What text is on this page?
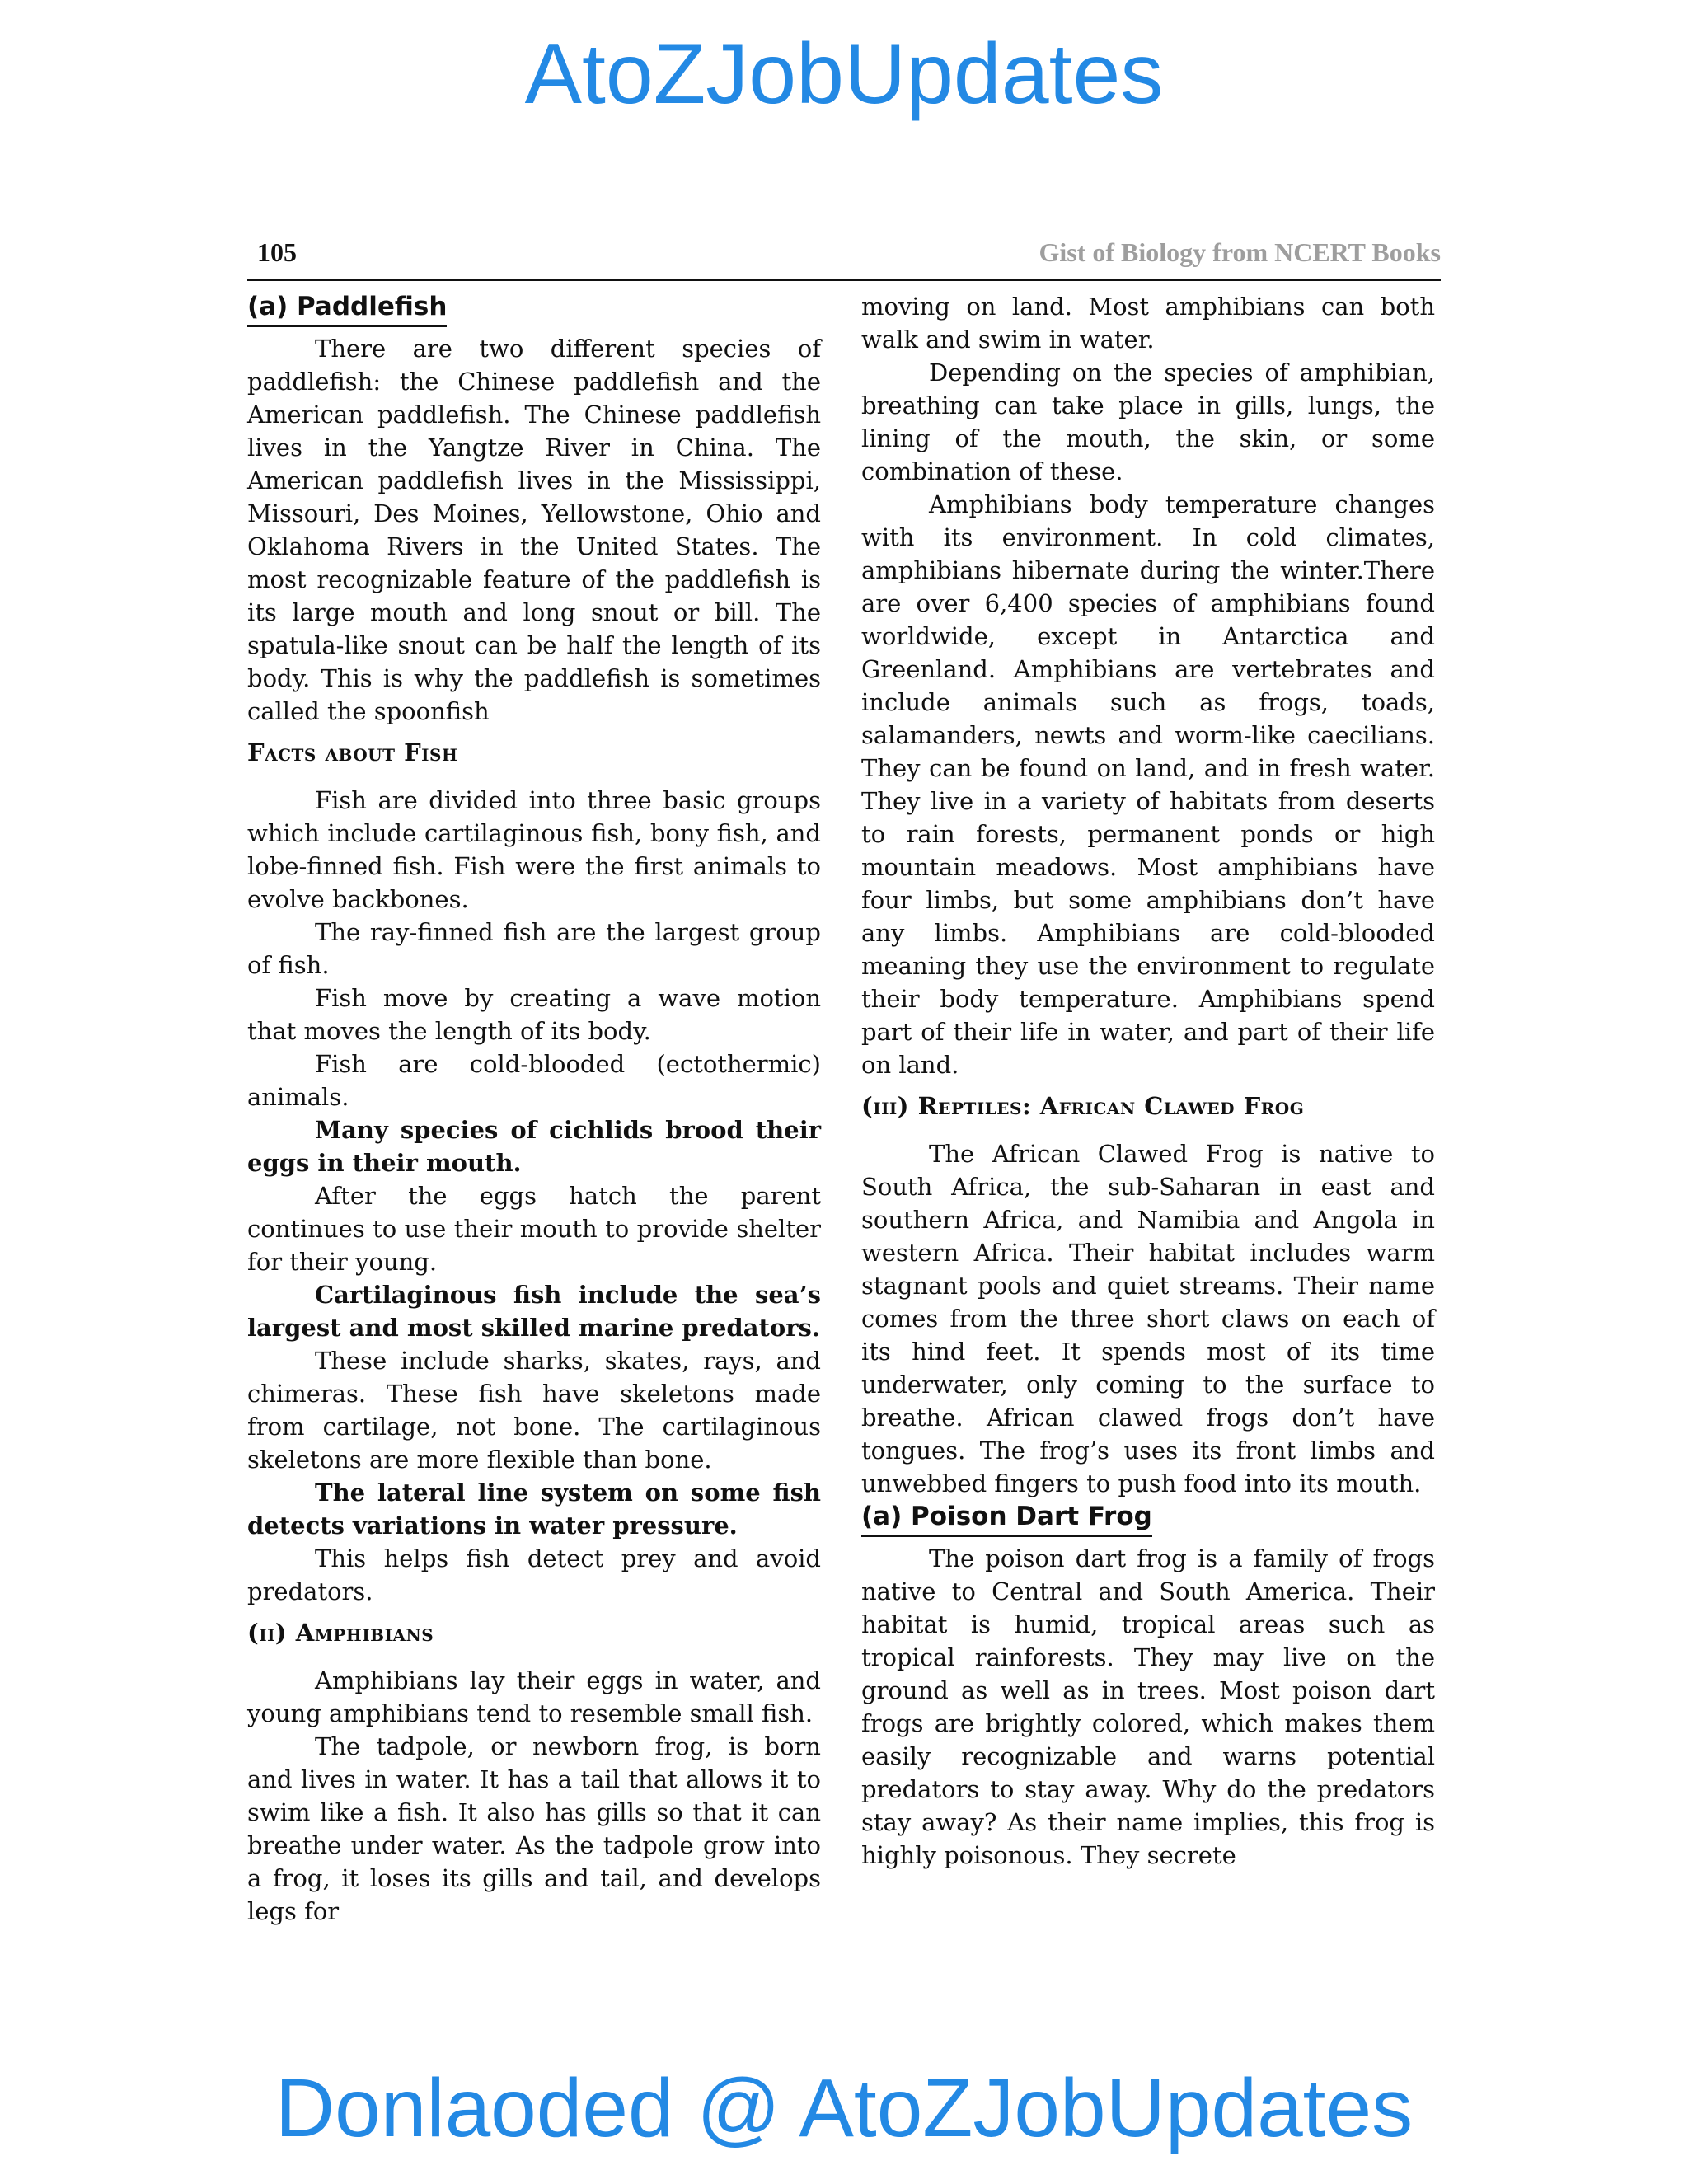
AtoZJobUpdates
105	Gist of Biology from NCERT Books
(a) Paddlefish

There are two different species of paddlefish: the Chinese paddlefish and the American paddlefish. The Chinese paddlefish lives in the Yangtze River in China. The American paddlefish lives in the Mississippi, Missouri, Des Moines, Yellowstone, Ohio and Oklahoma Rivers in the United States. The most recognizable feature of the paddlefish is its large mouth and long snout or bill. The spatula-like snout can be half the length of its body. This is why the paddlefish is sometimes called the spoonfish

Facts about Fish

Fish are divided into three basic groups which include cartilaginous fish, bony fish, and lobe-finned fish. Fish were the first animals to evolve backbones.

The ray-finned fish are the largest group of fish.

Fish move by creating a wave motion that moves the length of its body.

Fish are cold-blooded (ectothermic) animals.

Many species of cichlids brood their eggs in their mouth.

After the eggs hatch the parent continues to use their mouth to provide shelter for their young.

Cartilaginous fish include the sea’s largest and most skilled marine predators.

These include sharks, skates, rays, and chimeras. These fish have skeletons made from cartilage, not bone. The cartilaginous skeletons are more flexible than bone.

The lateral line system on some fish detects variations in water pressure.

This helps fish detect prey and avoid predators.

(ii) Amphibians

Amphibians lay their eggs in water, and young amphibians tend to resemble small fish.

The tadpole, or newborn frog, is born and lives in water. It has a tail that allows it to swim like a fish. It also has gills so that it can breathe under water. As the tadpole grow into a frog, it loses its gills and tail, and develops legs for

moving on land. Most amphibians can both walk and swim in water.

Depending on the species of amphibian, breathing can take place in gills, lungs, the lining of the mouth, the skin, or some combination of these.

Amphibians body temperature changes with its environment. In cold climates, amphibians hibernate during the winter.There are over 6,400 species of amphibians found worldwide, except in Antarctica and Greenland. Amphibians are vertebrates and include animals such as frogs, toads, salamanders, newts and worm-like caecilians. They can be found on land, and in fresh water. They live in a variety of habitats from deserts to rain forests, permanent ponds or high mountain meadows. Most amphibians have four limbs, but some amphibians don’t have any limbs. Amphibians are cold-blooded meaning they use the environment to regulate their body temperature. Amphibians spend part of their life in water, and part of their life on land.

(iii) Reptiles: African Clawed Frog

The African Clawed Frog is native to South Africa, the sub-Saharan in east and southern Africa, and Namibia and Angola in western Africa. Their habitat includes warm stagnant pools and quiet streams. Their name comes from the three short claws on each of its hind feet. It spends most of its time underwater, only coming to the surface to breathe. African clawed frogs don’t have tongues. The frog’s uses its front limbs and unwebbed fingers to push food into its mouth.

(a) Poison Dart Frog

The poison dart frog is a family of frogs native to Central and South America. Their habitat is humid, tropical areas such as tropical rainforests. They may live on the ground as well as in trees. Most poison dart frogs are brightly colored, which makes them easily recognizable and warns potential predators to stay away. Why do the predators stay away? As their name implies, this frog is highly poisonous. They secrete

Donlaoded @ AtoZJobUpdates
